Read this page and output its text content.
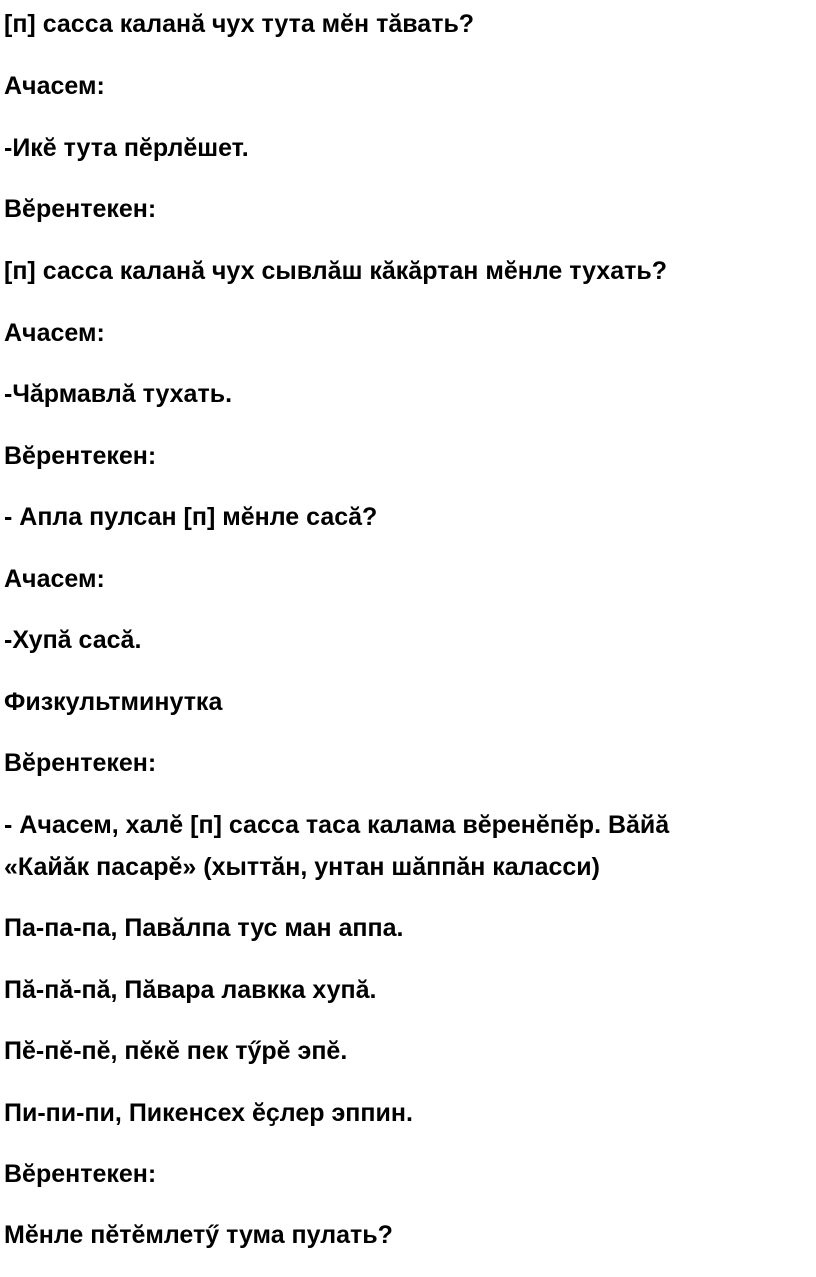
[п] сасса каланӑ чух тута мӗн тӑвать?

Ачасем:

-Икӗ тута пӗрлӗшет.

Вӗрентекен:

[п] сасса каланӑ чух сывлӑш кӑкӑртан мӗнле тухать?

Ачасем:

-Чӑрмавлӑ тухать.

Вӗрентекен:

- Апла пулсан [п] мӗнле сасӑ?

Ачасем:

-Хупӑ сасӑ.

Физкультминутка

Вӗрентекен:

- Ачасем, халӗ [п] сасса таса калама вӗренӗпӗр. Вӑйӑ

«Кайӑк пасарӗ» (хыттӑн, унтан шӑппӑн каласси)

Па-па-па, Павӑлпа тус ман аппа.

Пӑ-пӑ-пӑ, Пӑвара лавкка хупӑ.

Пӗ-пӗ-пӗ, пӗкӗ пек тӳрӗ эпӗ.

Пи-пи-пи, Пикенсех ӗҫлер эппин.

Вӗрентекен:

Мӗнле пӗтӗмлетӳ тума пулать?
